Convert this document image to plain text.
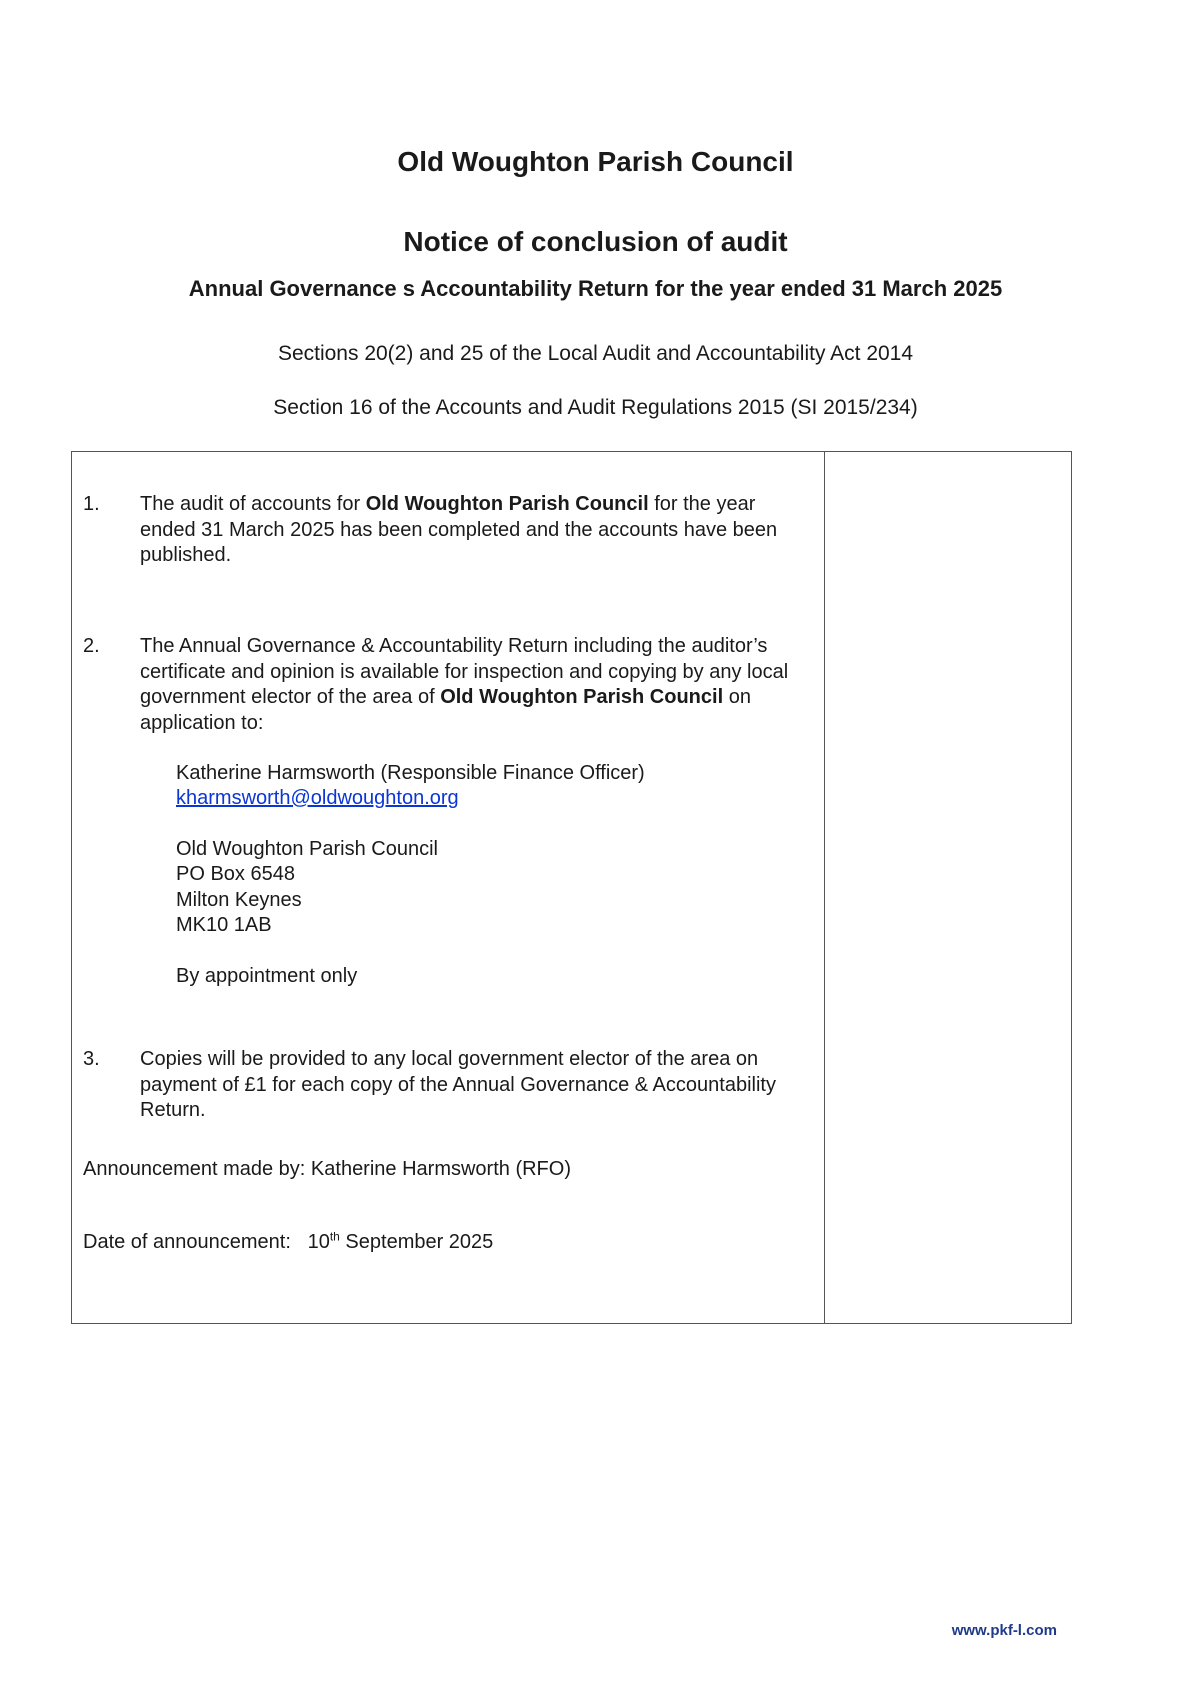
Old Woughton Parish Council
Notice of conclusion of audit
Annual Governance s Accountability Return for the year ended 31 March 2025

Sections 20(2) and 25 of the Local Audit and Accountability Act 2014

Section 16 of the Accounts and Audit Regulations 2015 (SI 2015/234)

1. The audit of accounts for Old Woughton Parish Council for the year ended 31 March 2025 has been completed and the accounts have been published.

2. The Annual Governance & Accountability Return including the auditor’s certificate and opinion is available for inspection and copying by any local government elector of the area of Old Woughton Parish Council on application to:

Katherine Harmsworth (Responsible Finance Officer)

kharmsworth@oldwoughton.org

Old Woughton Parish Council

PO Box 6548

Milton Keynes

MK10 1AB

By appointment only

3. Copies will be provided to any local government elector of the area on payment of £1 for each copy of the Annual Governance & Accountability Return.

Announcement made by: Katherine Harmsworth (RFO)

Date of announcement: 10th September 2025

www.pkf-l.com
